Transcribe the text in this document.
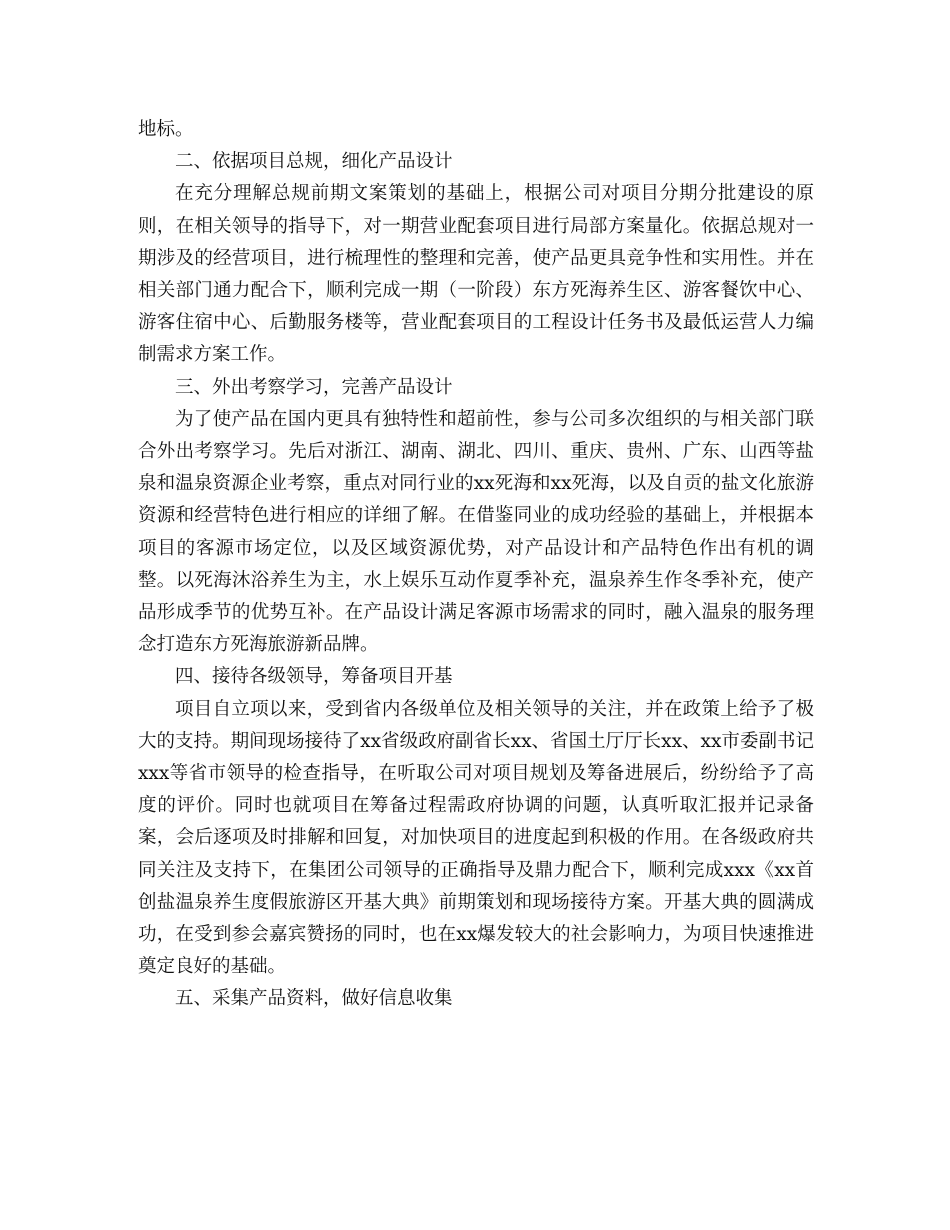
地标。

二、依据项目总规，细化产品设计

在充分理解总规前期文案策划的基础上，根据公司对项目分期分批建设的原则，在相关领导的指导下，对一期营业配套项目进行局部方案量化。依据总规对一期涉及的经营项目，进行梳理性的整理和完善，使产品更具竞争性和实用性。并在相关部门通力配合下，顺利完成一期（一阶段）东方死海养生区、游客餐饮中心、游客住宿中心、后勤服务楼等，营业配套项目的工程设计任务书及最低运营人力编制需求方案工作。

三、外出考察学习，完善产品设计

为了使产品在国内更具有独特性和超前性，参与公司多次组织的与相关部门联合外出考察学习。先后对浙江、湖南、湖北、四川、重庆、贵州、广东、山西等盐泉和温泉资源企业考察，重点对同行业的xx死海和xx死海，以及自贡的盐文化旅游资源和经营特色进行相应的详细了解。在借鉴同业的成功经验的基础上，并根据本项目的客源市场定位，以及区域资源优势，对产品设计和产品特色作出有机的调整。以死海沐浴养生为主，水上娱乐互动作夏季补充，温泉养生作冬季补充，使产品形成季节的优势互补。在产品设计满足客源市场需求的同时，融入温泉的服务理念打造东方死海旅游新品牌。

四、接待各级领导，筹备项目开基

项目自立项以来，受到省内各级单位及相关领导的关注，并在政策上给予了极大的支持。期间现场接待了xx省级政府副省长xx、省国土厅厅长xx、xx市委副书记xxx等省市领导的检查指导，在听取公司对项目规划及筹备进展后，纷纷给予了高度的评价。同时也就项目在筹备过程需政府协调的问题，认真听取汇报并记录备案，会后逐项及时排解和回复，对加快项目的进度起到积极的作用。在各级政府共同关注及支持下，在集团公司领导的正确指导及鼎力配合下，顺利完成xxx《xx首创盐温泉养生度假旅游区开基大典》前期策划和现场接待方案。开基大典的圆满成功，在受到参会嘉宾赞扬的同时，也在xx爆发较大的社会影响力，为项目快速推进奠定良好的基础。

五、采集产品资料，做好信息收集
